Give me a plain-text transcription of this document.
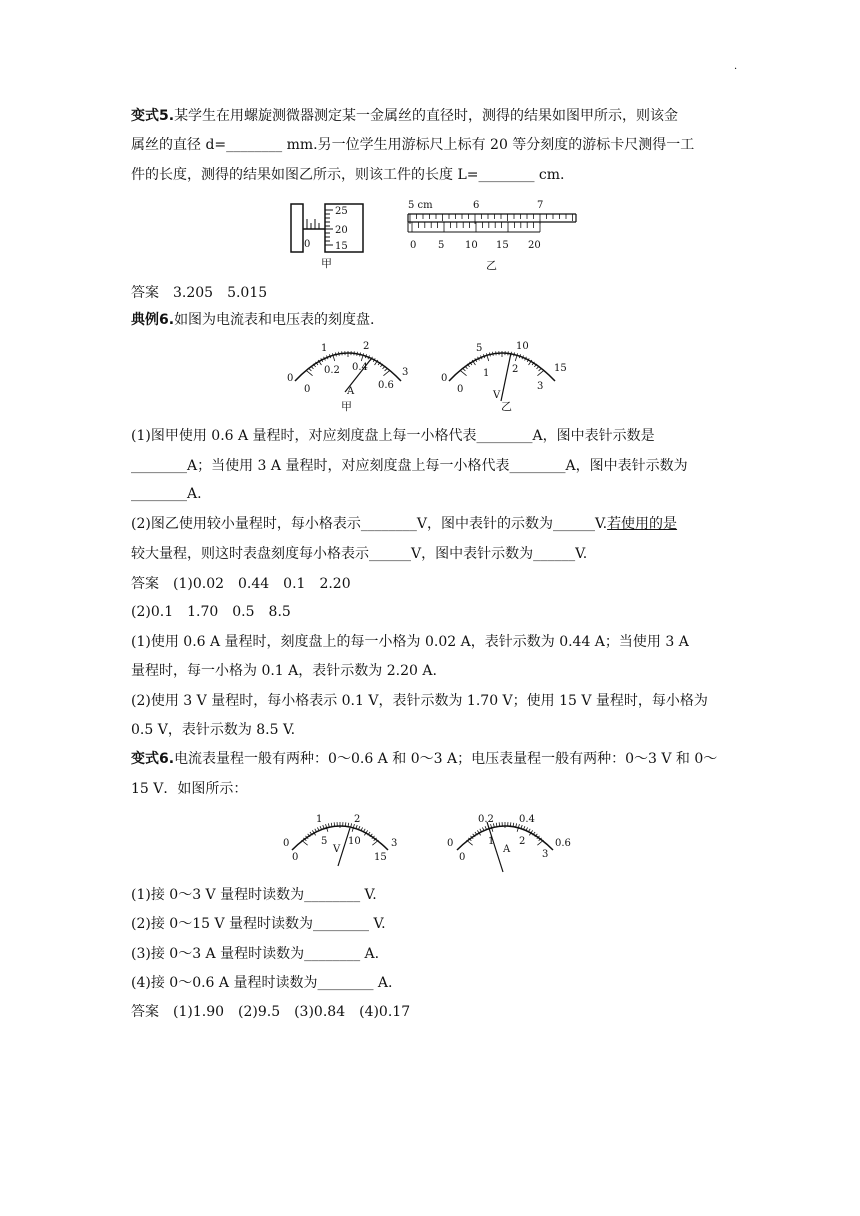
·
变式5.某学生在用螺旋测微器测定某一金属丝的直径时，测得的结果如图甲所示，则该金
属丝的直径 d=________ mm.另一位学生用游标尺上标有 20 等分刻度的游标卡尺测得一工
件的长度，测得的结果如图乙所示，则该工件的长度 L=________ cm.
25
20
15
0
甲
5 cm	6	7
0 5 10 15 20
乙
答案　3.205　5.015
典例6.如图为电流表和电压表的刻度盘.
0
1	2
3
0
0.2 0.4
0.6
A
甲
0
5	10
15
0
1 2
3
V
乙
(1)图甲使用 0.6 A 量程时，对应刻度盘上每一小格代表________A，图中表针示数是
________A；当使用 3 A 量程时，对应刻度盘上每一小格代表________A，图中表针示数为
________A.
(2)图乙使用较小量程时，每小格表示________V，图中表针的示数为______V.若使用的是
较大量程，则这时表盘刻度每小格表示______V，图中表针示数为______V.
答案　(1)0.02　0.44　0.1　2.20
(2)0.1　1.70　0.5　8.5
(1)使用 0.6 A 量程时，刻度盘上的每一小格为 0.02 A，表针示数为 0.44 A；当使用 3 A
量程时，每一小格为 0.1 A，表针示数为 2.20 A.
(2)使用 3 V 量程时，每小格表示 0.1 V，表针示数为 1.70 V；使用 15 V 量程时，每小格为
0.5 V，表针示数为 8.5 V.
变式6.电流表量程一般有两种：0～0.6 A 和 0～3 A；电压表量程一般有两种：0～3 V 和 0～
15 V．如图所示：
0
1	2
3
0
5 10
15
V
0
0.2	0.4
0.6
0
1 2
3
A
(1)接 0～3 V 量程时读数为________ V.
(2)接 0～15 V 量程时读数为________ V.
(3)接 0～3 A 量程时读数为________ A.
(4)接 0～0.6 A 量程时读数为________ A.
答案　(1)1.90　(2)9.5　(3)0.84　(4)0.17
